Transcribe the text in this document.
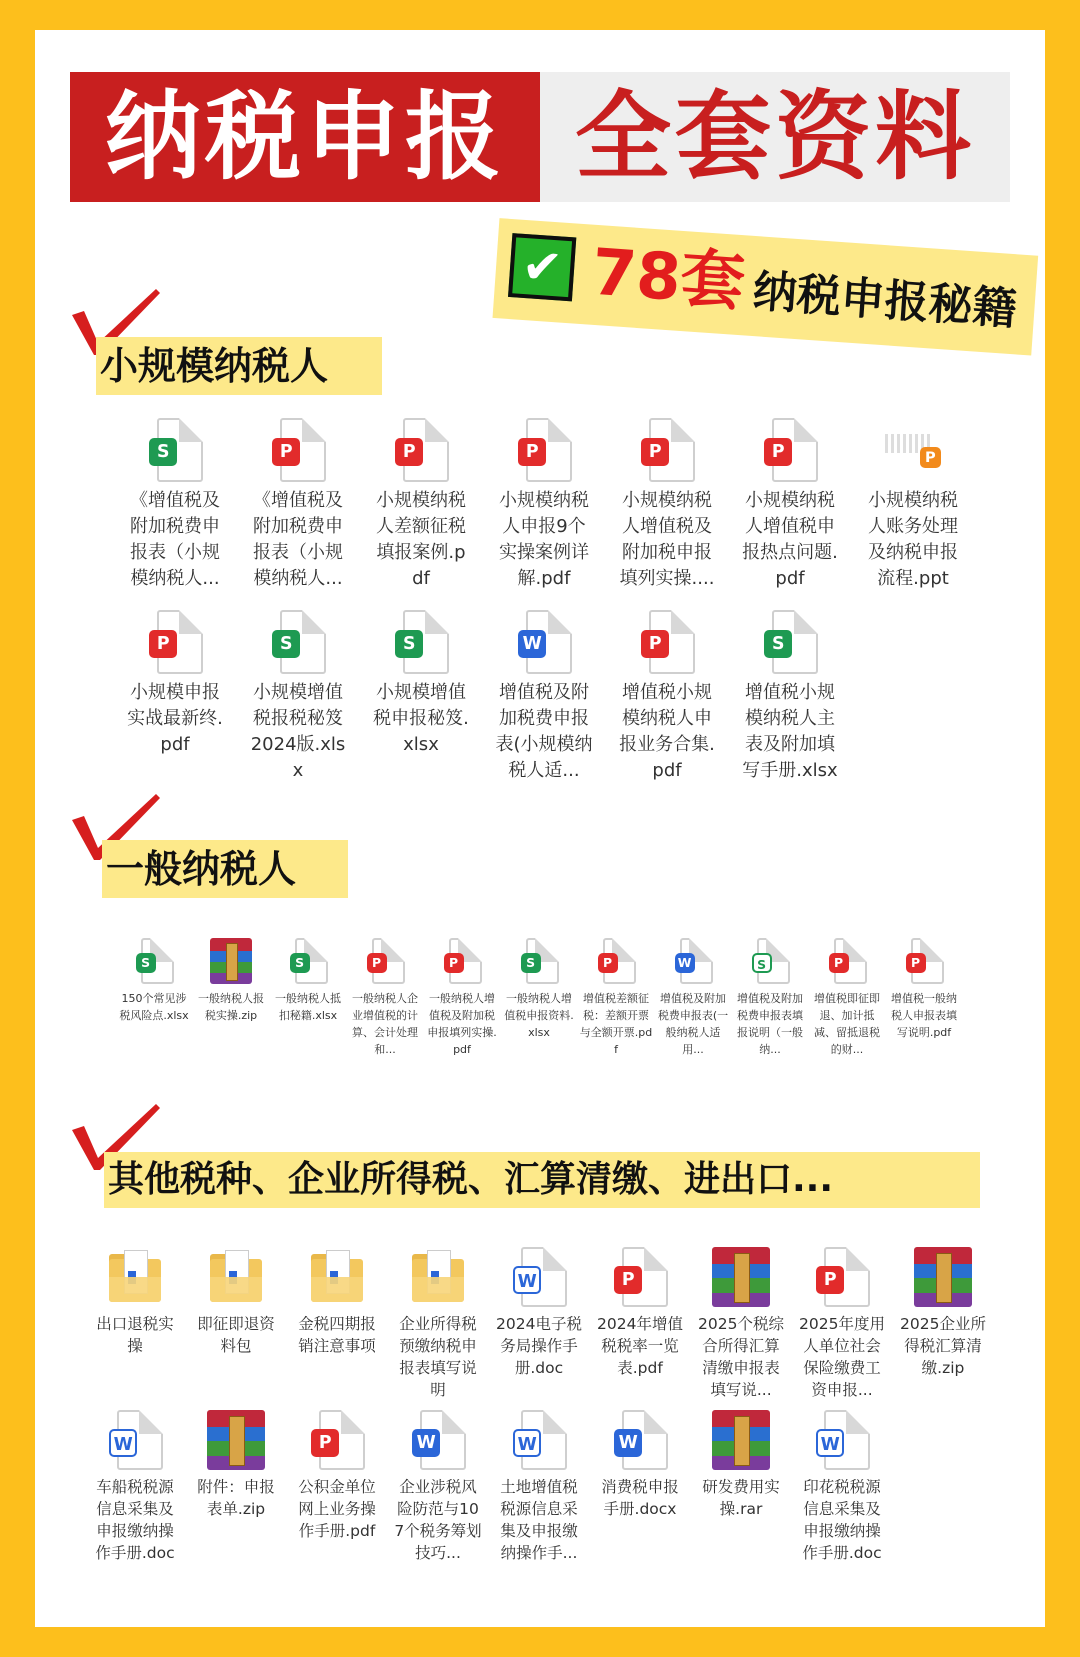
纳税申报 全套资料
✔ 78套 纳税申报秘籍
小规模纳税人
S
《增值税及附加税费申报表（小规模纳税人...
P
《增值税及附加税费申报表（小规模纳税人...
P
小规模纳税人差额征税填报案例.pdf
P
小规模纳税人申报9个实操案例详解.pdf
P
小规模纳税人增值税及附加税申报填列实操....
P
小规模纳税人增值税申报热点问题.pdf
P
小规模纳税人账务处理及纳税申报流程.ppt
P
小规模申报实战最新终.pdf
S
小规模增值税报税秘笈2024版.xlsx
S
小规模增值税申报秘笈.xlsx
W
增值税及附加税费申报表(小规模纳税人适...
P
增值税小规模纳税人申报业务合集.pdf
S
增值税小规模纳税人主表及附加填写手册.xlsx
一般纳税人
S
150个常见涉税风险点.xlsx
一般纳税人报税实操.zip
S
一般纳税人抵扣秘籍.xlsx
P
一般纳税人企业增值税的计算、会计处理和...
P
一般纳税人增值税及附加税申报填列实操.pdf
S
一般纳税人增值税申报资料.xlsx
P
增值税差额征税：差额开票与全额开票.pdf
W
增值税及附加税费申报表(一般纳税人适用...
S
增值税及附加税费申报表填报说明（一般纳...
P
增值税即征即退、加计抵减、留抵退税的财...
P
增值税一般纳税人申报表填写说明.pdf
其他税种、企业所得税、汇算清缴、进出口...
出口退税实操
即征即退资料包
金税四期报销注意事项
企业所得税预缴纳税申报表填写说明
W
2024电子税务局操作手册.doc
P
2024年增值税税率一览表.pdf
2025个税综合所得汇算清缴申报表填写说...
P
2025年度用人单位社会保险缴费工资申报...
2025企业所得税汇算清缴.zip
W
车船税税源信息采集及申报缴纳操作手册.doc
附件：申报表单.zip
P
公积金单位网上业务操作手册.pdf
W
企业涉税风险防范与107个税务筹划技巧...
W
土地增值税税源信息采集及申报缴纳操作手...
W
消费税申报手册.docx
研发费用实操.rar
W
印花税税源信息采集及申报缴纳操作手册.doc
